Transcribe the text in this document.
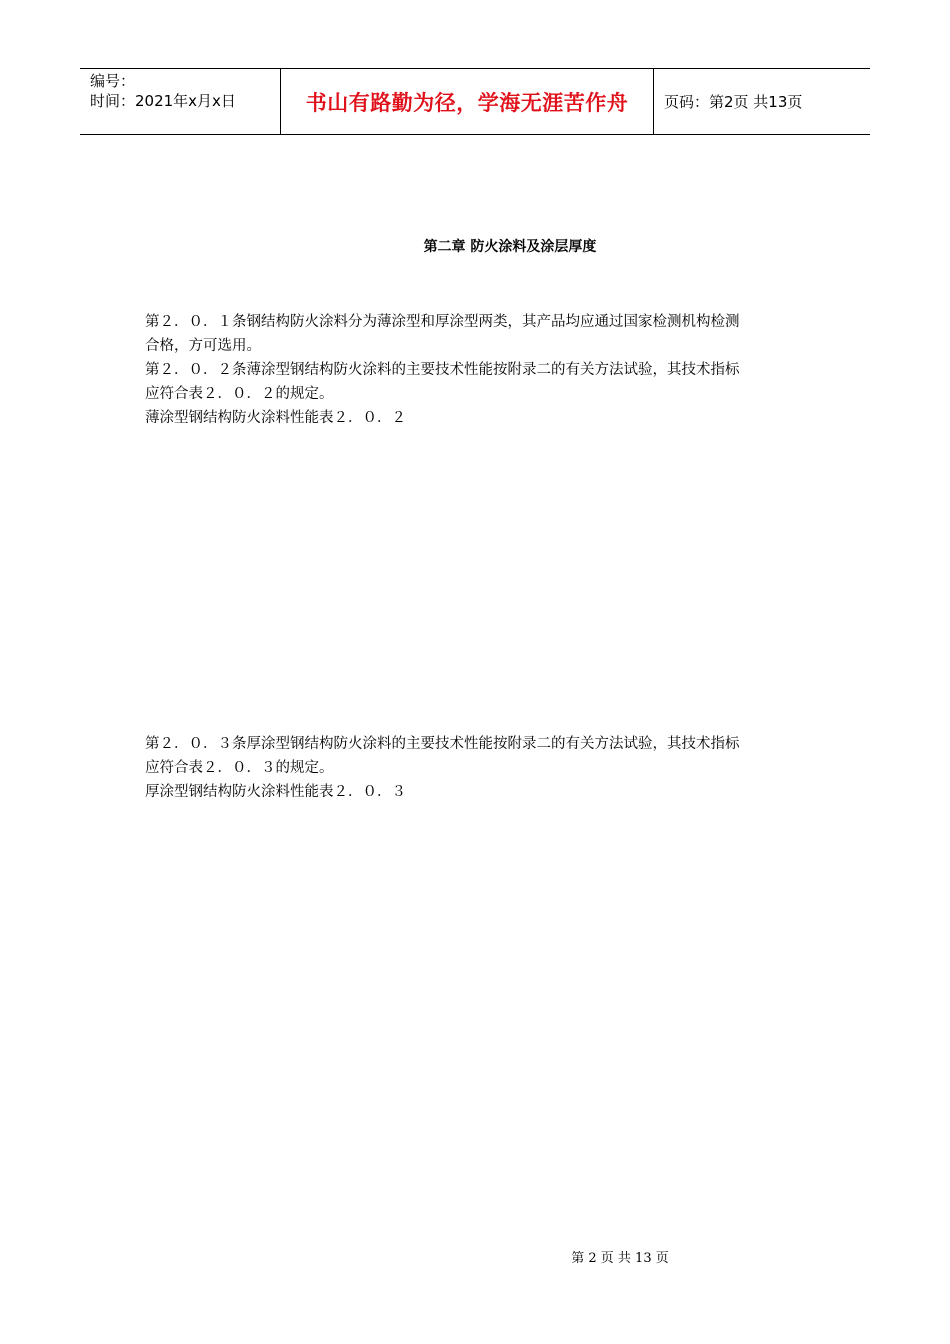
编号：
时间：2021年x月x日	书山有路勤为径，学海无涯苦作舟	页码：第2页 共13页
第二章 防火涂料及涂层厚度
第２．０．１条钢结构防火涂料分为薄涂型和厚涂型两类，其产品均应通过国家检测机构检测
合格，方可选用。
第２．０．２条薄涂型钢结构防火涂料的主要技术性能按附录二的有关方法试验，其技术指标
应符合表２．０．２的规定。
薄涂型钢结构防火涂料性能表２．０．２
第２．０．３条厚涂型钢结构防火涂料的主要技术性能按附录二的有关方法试验，其技术指标
应符合表２．０．３的规定。
厚涂型钢结构防火涂料性能表２．０．３
第 2 页 共 13 页
